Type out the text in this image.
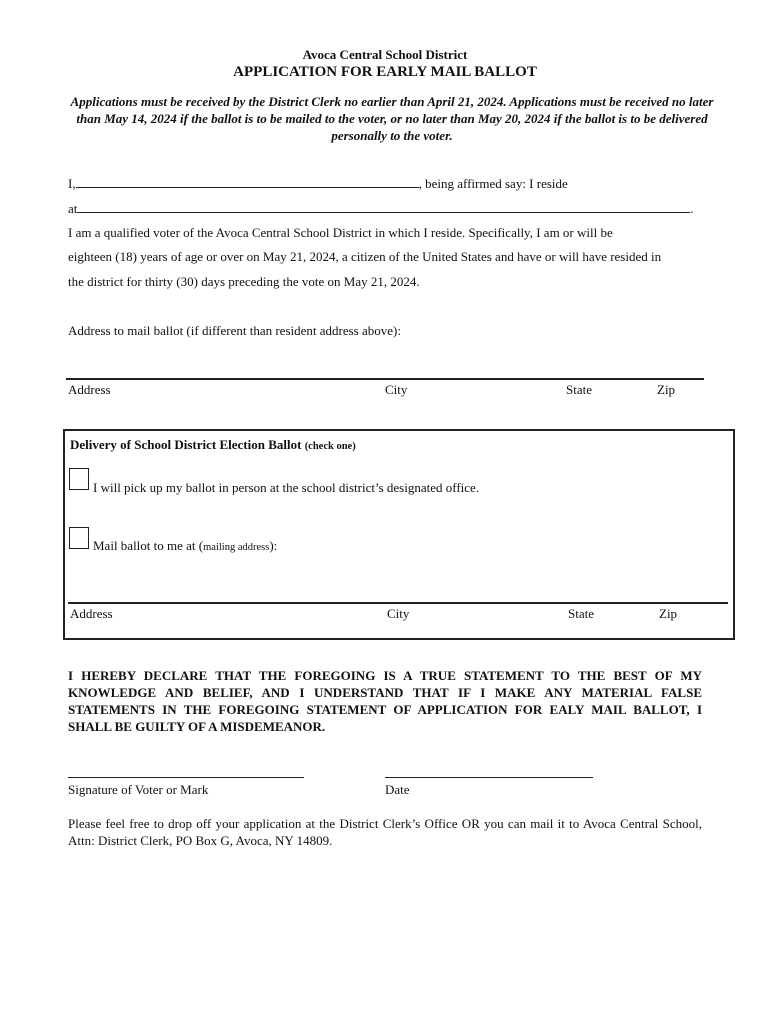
Avoca Central School District
APPLICATION FOR EARLY MAIL BALLOT
Applications must be received by the District Clerk no earlier than April 21, 2024. Applications must be received no later than May 14, 2024 if the ballot is to be mailed to the voter, or no later than May 20, 2024 if the ballot is to be delivered personally to the voter.
I,	, being affirmed say: I reside
at	.
I am a qualified voter of the Avoca Central School District in which I reside. Specifically, I am or will be
eighteen (18) years of age or over on May 21, 2024, a citizen of the United States and have or will have resided in
the district for thirty (30) days preceding the vote on May 21, 2024.
Address to mail ballot (if different than resident address above):
Address	City	State	Zip
Delivery of School District Election Ballot (check one)
I will pick up my ballot in person at the school district’s designated office.
Mail ballot to me at (mailing address):
Address	City	State	Zip
I HEREBY DECLARE THAT THE FOREGOING IS A TRUE STATEMENT TO THE BEST OF MY KNOWLEDGE AND BELIEF, AND I UNDERSTAND THAT IF I MAKE ANY MATERIAL FALSE STATEMENTS IN THE FOREGOING STATEMENT OF APPLICATION FOR EALY MAIL BALLOT, I SHALL BE GUILTY OF A MISDEMEANOR.
Signature of Voter or Mark	Date
Please feel free to drop off your application at the District Clerk’s Office OR you can mail it to Avoca Central School, Attn: District Clerk, PO Box G, Avoca, NY 14809.
